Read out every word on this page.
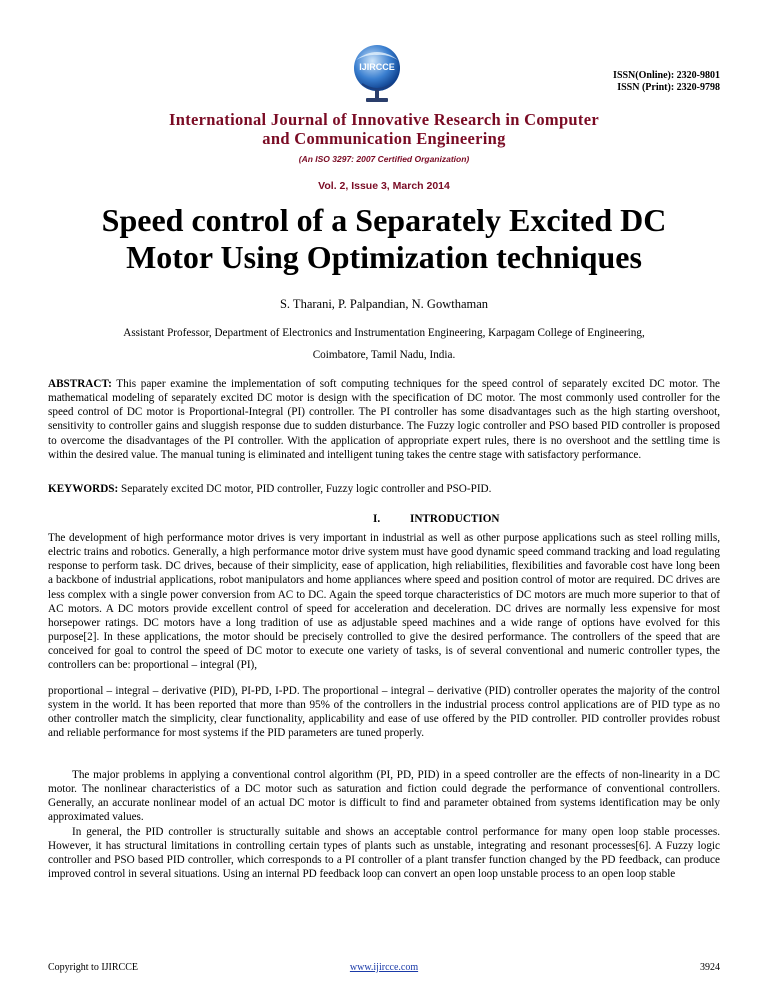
IJIRCCE
ISSN(Online): 2320-9801
ISSN (Print): 2320-9798
International Journal of Innovative Research in Computer
and Communication Engineering
(An ISO 3297: 2007 Certified Organization)
Vol. 2, Issue 3, March 2014
Speed control of a Separately Excited DC
Motor Using Optimization techniques
S. Tharani, P. Palpandian, N. Gowthaman
Assistant Professor, Department of Electronics and Instrumentation Engineering, Karpagam College of Engineering,
Coimbatore, Tamil Nadu, India.
ABSTRACT: This paper examine the implementation of soft computing techniques for the speed control of separately excited DC motor. The mathematical modeling of separately excited DC motor is design with the specification of DC motor. The most commonly used controller for the speed control of DC motor is Proportional-Integral (PI) controller. The PI controller has some disadvantages such as the high starting overshoot, sensitivity to controller gains and sluggish response due to sudden disturbance. The Fuzzy logic controller and PSO based PID controller is proposed to overcome the disadvantages of the PI controller. With the application of appropriate expert rules, there is no overshoot and the settling time is within the desired value. The manual tuning is eliminated and intelligent tuning takes the centre stage with satisfactory performance.
KEYWORDS: Separately excited DC motor, PID controller, Fuzzy logic controller and PSO-PID.
I.	INTRODUCTION
The development of high performance motor drives is very important in industrial as well as other purpose applications such as steel rolling mills, electric trains and robotics. Generally, a high performance motor drive system must have good dynamic speed command tracking and load regulating response to perform task. DC drives, because of their simplicity, ease of application, high reliabilities, flexibilities and favorable cost have long been a backbone of industrial applications, robot manipulators and home appliances where speed and position control of motor are required. DC drives are less complex with a single power conversion from AC to DC. Again the speed torque characteristics of DC motors are much more superior to that of AC motors. A DC motors provide excellent control of speed for acceleration and deceleration. DC drives are normally less expensive for most horsepower ratings. DC motors have a long tradition of use as adjustable speed machines and a wide range of options have evolved for this purpose[2]. In these applications, the motor should be precisely controlled to give the desired performance. The controllers of the speed that are conceived for goal to control the speed of DC motor to execute one variety of tasks, is of several conventional and numeric controller types, the controllers can be: proportional – integral (PI),
proportional – integral – derivative (PID), PI-PD, I-PD. The proportional – integral – derivative (PID) controller operates the majority of the control system in the world. It has been reported that more than 95% of the controllers in the industrial process control applications are of PID type as no other controller match the simplicity, clear functionality, applicability and ease of use offered by the PID controller. PID controller provides robust and reliable performance for most systems if the PID parameters are tuned properly.
The major problems in applying a conventional control algorithm (PI, PD, PID) in a speed controller are the effects of non-linearity in a DC motor. The nonlinear characteristics of a DC motor such as saturation and fiction could degrade the performance of conventional controllers. Generally, an accurate nonlinear model of an actual DC motor is difficult to find and parameter obtained from systems identification may be only approximated values.
In general, the PID controller is structurally suitable and shows an acceptable control performance for many open loop stable processes. However, it has structural limitations in controlling certain types of plants such as unstable, integrating and resonant processes[6]. A Fuzzy logic controller and PSO based PID controller, which corresponds to a PI controller of a plant transfer function changed by the PD feedback, can produce improved control in several situations. Using an internal PD feedback loop can convert an open loop unstable process to an open loop stable
Copyright to IJIRCCE	www.ijircce.com	3924
